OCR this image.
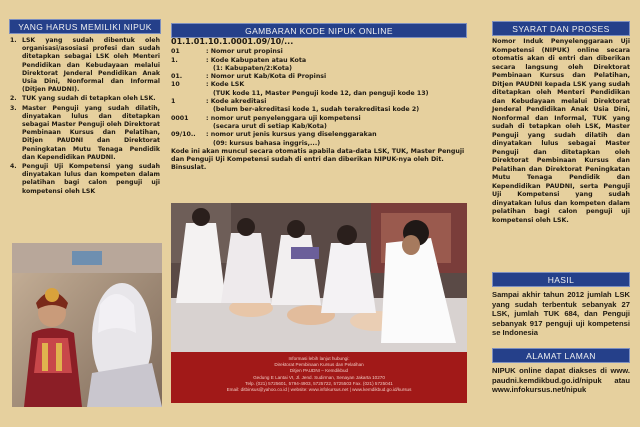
YANG HARUS MEMILIKI NIPUK
1. LSK yang sudah dibentuk oleh organisasi/asosiasi profesi dan sudah ditetapkan sebagai LSK oleh Menteri Pendidikan dan Kebudayaan melalui Direktorat Jenderal Pendidikan Anak Usia Dini, Nonformal dan Informal (Ditjen PAUDNI).
2. TUK yang sudah di tetapkan oleh LSK.
3. Master Penguji yang sudah dilatih, dinyatakan lulus dan ditetapkan sebagai Master Penguji oleh Direktorat Pembinaan Kursus dan Pelatihan, Ditjen PAUDNI dan Direktorat Peningkatan Mutu Tenaga Pendidik dan Kependidikan PAUDNI.
4. Penguji Uji Kompetensi yang sudah dinyatakan lulus dan kompeten dalam pelatihan bagi calon penguji uji kompetensi oleh LSK
GAMBARAN KODE NIPUK ONLINE
01.1.01.10.1.0001.09/10/...
01	: Nomor urut propinsi
1.	: Kode Kabupaten atau Kota
(1: Kabupaten/2:Kota)
01.	: Nomor urut Kab/Kota di Propinsi
10	: Kode LSK
(TUK kode 11, Master Penguji kode 12, dan penguji kode 13)
1	: Kode akreditasi
(belum ber-akreditasi kode 1, sudah terakreditasi kode 2)
0001	: nomor urut penyelenggara uji kompetensi
(secara urut di setiap Kab/Kota)
09/10..	: nomor urut jenis kursus yang diselenggarakan
(09: kursus bahasa inggris,...)
Kode ini akan muncul secara otomatis apabila data-data LSK, TUK, Master Penguji dan Penguji Uji Kompetensi sudah di entri dan diberikan NIPUK-nya oleh Dit. Binsuslat.
Informasi lebih lanjut hubungi:
Direktorat Pembinaan Kursus dan Pelatihan
Ditjen PAUDNI – Kemdikbud
Gedung E Lantai VI, Jl. Jend. Sudirman, Senayan Jakarta 10270
Telp. (021) 5725601, 5794-4903, 5725722, 5725503 Fax. (021) 5725041
Email: ditbinsus@yahoo.co.id | website: www.infokursus.net | www.kemdikbud.go.id/kursus
SYARAT DAN PROSES
Nomor Induk Penyelenggaraan Uji Kompetensi (NIPUK) online secara otomatis akan di entri dan diberikan secara langsung oleh Direktorat Pembinaan Kursus dan Pelatihan, Ditjen PAUDNI kepada LSK yang sudah ditetapkan oleh Menteri Pendidikan dan Kebudayaan melalui Direktorat Jenderal Pendidikan Anak Usia Dini, Nonformal dan Informal, TUK yang sudah di tetapkan oleh LSK, Master Penguji yang sudah dilatih dan dinyatakan lulus sebagai Master Penguji dan ditetapkan oleh Direktorat Pembinaan Kursus dan Pelatihan dan Direktorat Peningkatan Mutu Tenaga Pendidik dan Kependidikan PAUDNI, serta Penguji Uji Kompetensi yang sudah dinyatakan lulus dan kompeten dalam pelatihan bagi calon penguji uji kompetensi oleh LSK.
HASIL
Sampai akhir tahun 2012 jumlah LSK yang sudah terbentuk sebanyak 27 LSK, jumlah TUK 684, dan Penguji sebanyak 917 penguji uji kompetensi se Indonesia
ALAMAT LAMAN
NIPUK online dapat diakses di www. paudni.kemdikbud.go.id/nipuk atau www.infokursus.net/nipuk
